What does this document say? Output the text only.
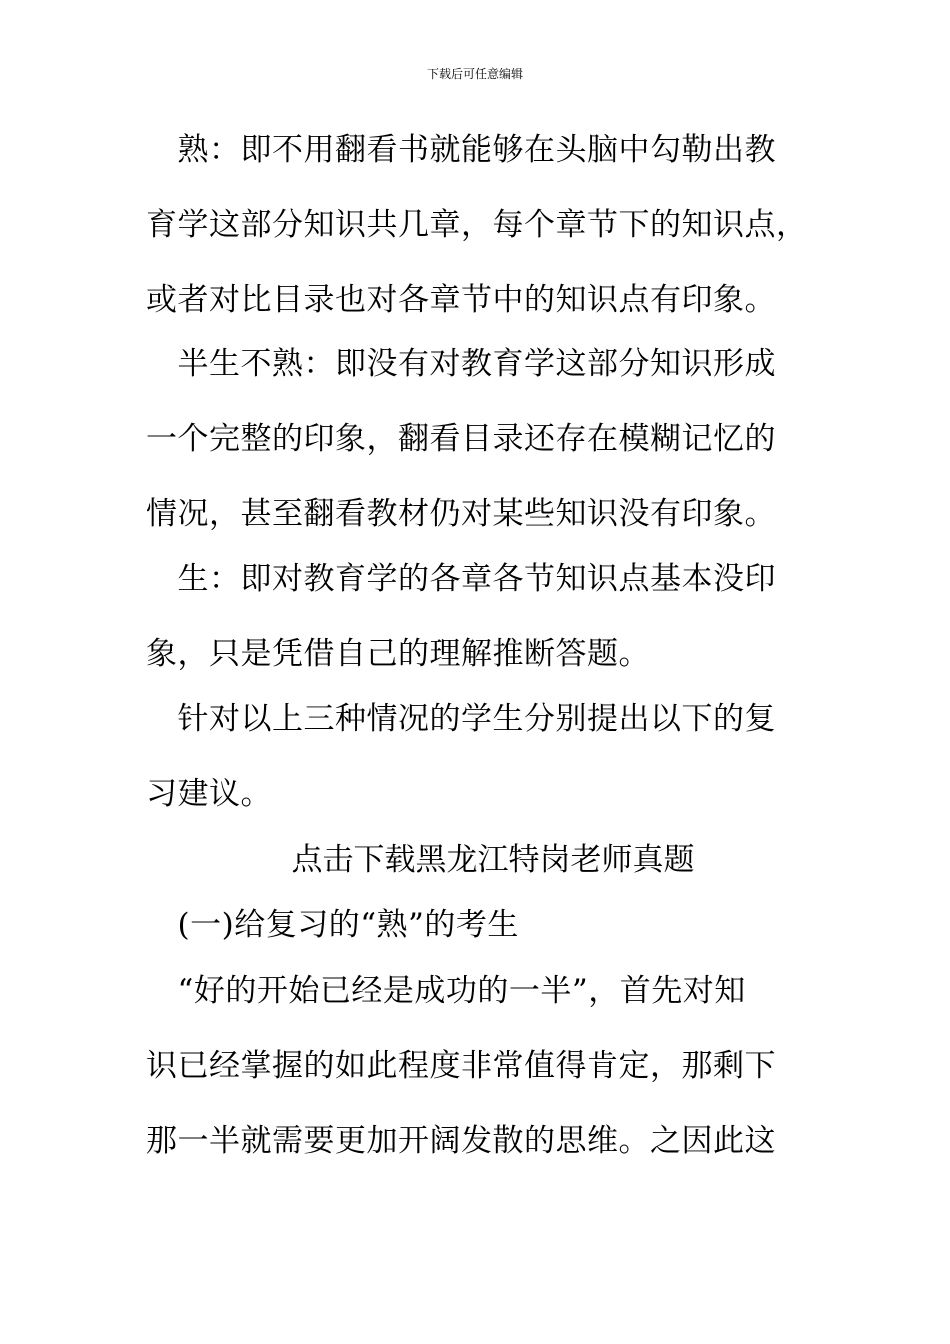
下载后可任意编辑
　熟：即不用翻看书就能够在头脑中勾勒出教
育学这部分知识共几章，每个章节下的知识点，
或者对比目录也对各章节中的知识点有印象。
　半生不熟：即没有对教育学这部分知识形成
一个完整的印象，翻看目录还存在模糊记忆的
情况，甚至翻看教材仍对某些知识没有印象。
　生：即对教育学的各章各节知识点基本没印
象，只是凭借自己的理解推断答题。
　针对以上三种情况的学生分别提出以下的复
习建议。
点击下载黑龙江特岗老师真题
　(一)给复习的“熟”的考生
　“好的开始已经是成功的一半”，首先对知
识已经掌握的如此程度非常值得肯定，那剩下
那一半就需要更加开阔发散的思维。之因此这
